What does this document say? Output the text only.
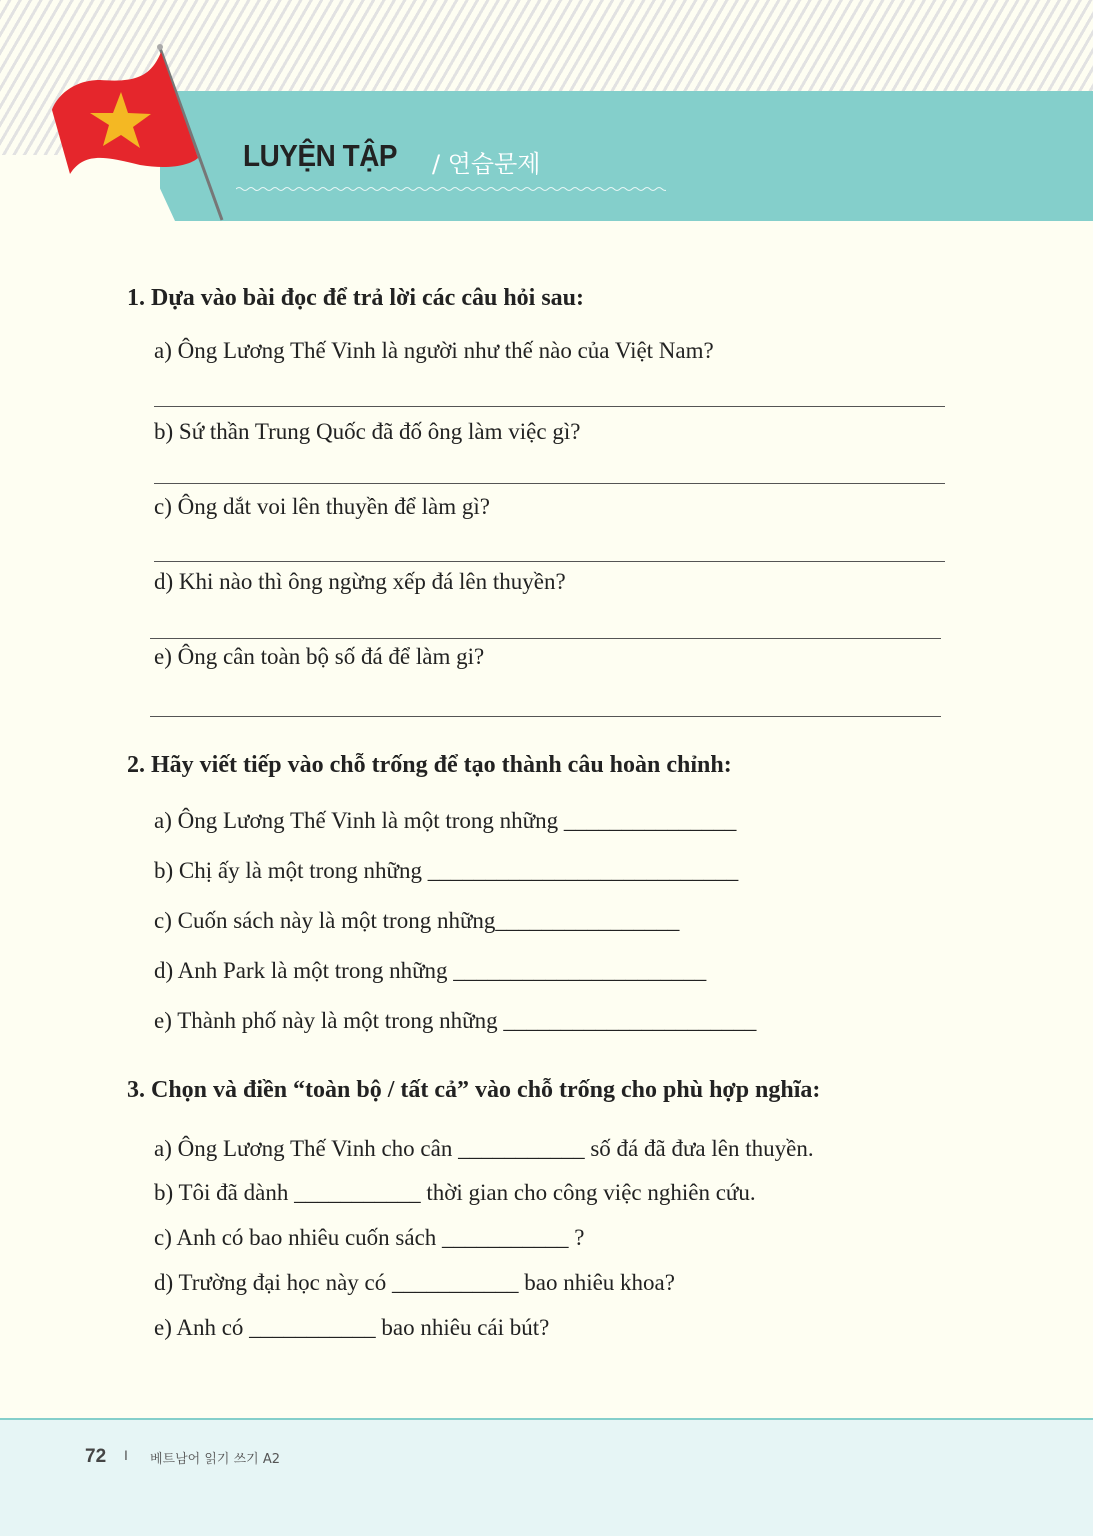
LUYỆN TẬP / 연습문제
1. Dựa vào bài đọc để trả lời các câu hỏi sau:
a) Ông Lương Thế Vinh là người như thế nào của Việt Nam?
b) Sứ thần Trung Quốc đã đố ông làm việc gì?
c) Ông dắt voi lên thuyền để làm gì?
d) Khi nào thì ông ngừng xếp đá lên thuyền?
e) Ông cân toàn bộ số đá để làm gi?
2. Hãy viết tiếp vào chỗ trống để tạo thành câu hoàn chỉnh:
a) Ông Lương Thế Vinh là một trong những _______________
b) Chị ấy là một trong những ___________________________
c) Cuốn sách này là một trong những________________
d) Anh Park là một trong những ______________________
e) Thành phố này là một trong những ______________________
3. Chọn và điền “toàn bộ / tất cả” vào chỗ trống cho phù hợp nghĩa:
a) Ông Lương Thế Vinh cho cân ___________ số đá đã đưa lên thuyền.
b) Tôi đã dành ___________ thời gian cho công việc nghiên cứu.
c) Anh có bao nhiêu cuốn sách ___________ ?
d) Trường đại học này có ___________ bao nhiêu khoa?
e) Anh có ___________ bao nhiêu cái bút?
72 I 베트남어 읽기 쓰기 A2
